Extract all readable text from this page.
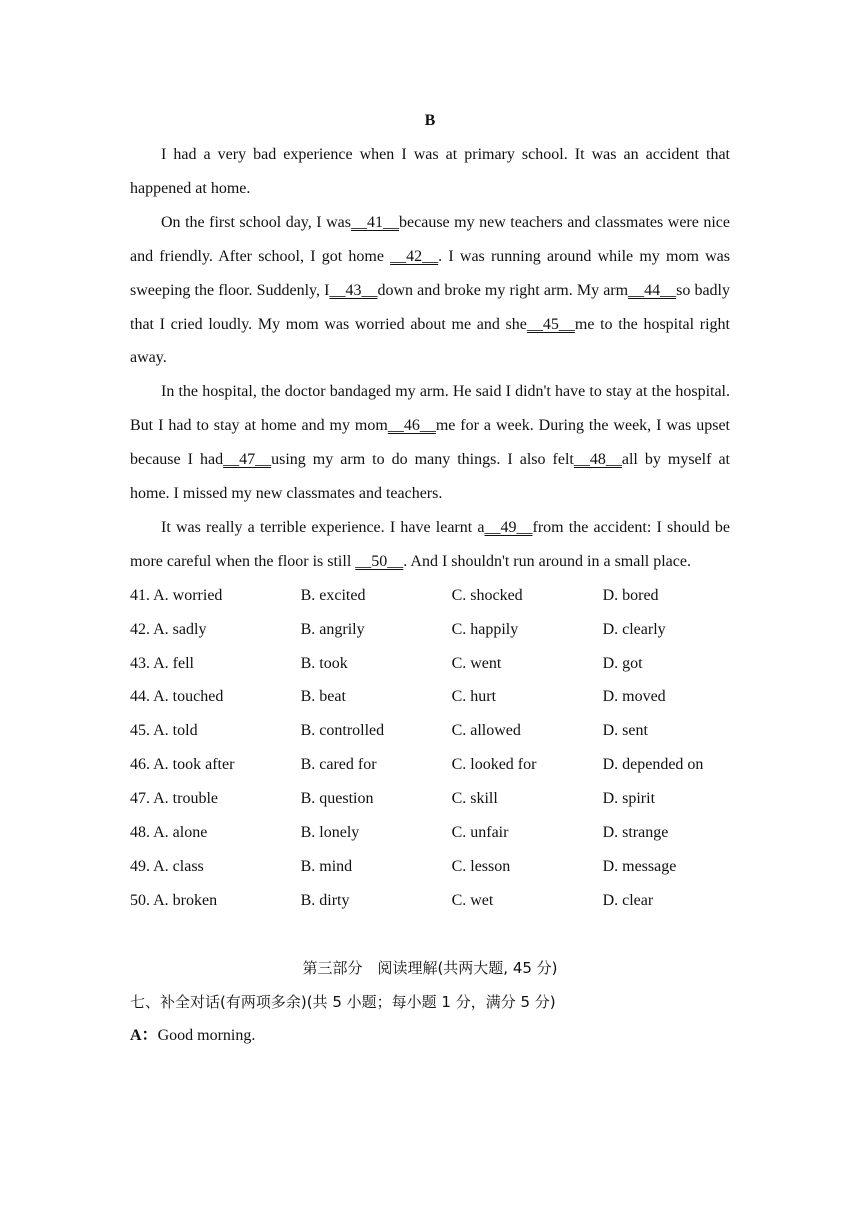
B

I had a very bad experience when I was at primary school. It was an accident that happened at home.

On the first school day, I was__41__because my new teachers and classmates were nice and friendly. After school, I got home __42__. I was running around while my mom was sweeping the floor. Suddenly, I__43__down and broke my right arm. My arm__44__so badly that I cried loudly. My mom was worried about me and she__45__me to the hospital right away.

In the hospital, the doctor bandaged my arm. He said I didn't have to stay at the hospital. But I had to stay at home and my mom__46__me for a week. During the week, I was upset because I had__47__using my arm to do many things. I also felt__48__all by myself at home. I missed my new classmates and teachers.

It was really a terrible experience. I have learnt a__49__from the accident: I should be more careful when the floor is still __50__. And I shouldn't run around in a small place.

41. A. worried	B. excited	C. shocked	D. bored
42. A. sadly	B. angrily	C. happily	D. clearly
43. A. fell	B. took	C. went	D. got
44. A. touched	B. beat	C. hurt	D. moved
45. A. told	B. controlled	C. allowed	D. sent
46. A. took after	B. cared for	C. looked for	D. depended on
47. A. trouble	B. question	C. skill	D. spirit
48. A. alone	B. lonely	C. unfair	D. strange
49. A. class	B. mind	C. lesson	D. message
50. A. broken	B. dirty	C. wet	D. clear
第三部分　阅读理解(共两大题, 45 分)
七、补全对话(有两项多余)(共 5 小题；每小题 1 分，满分 5 分)
A：Good morning.
